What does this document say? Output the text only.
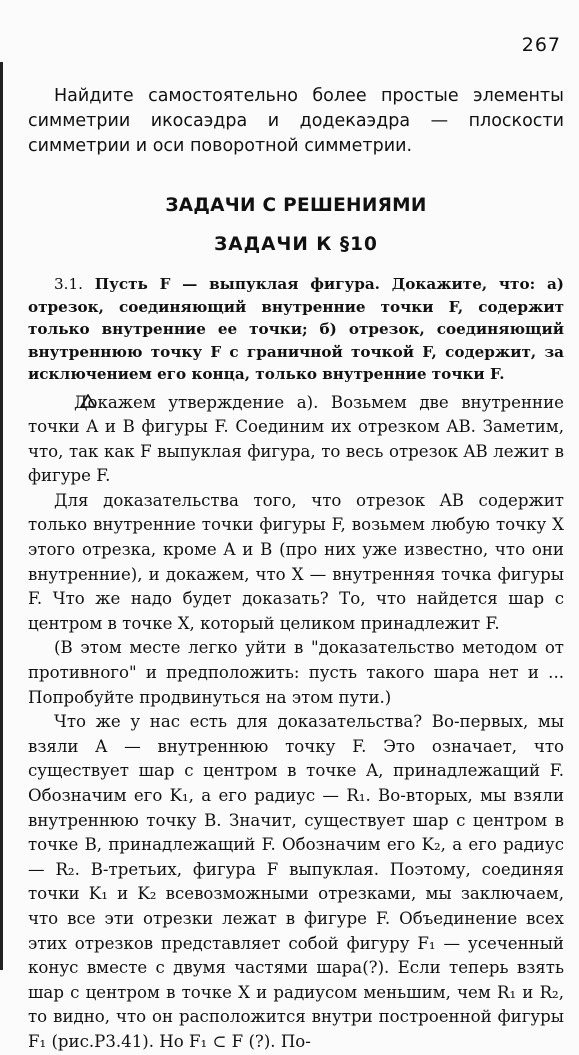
267

Найдите самостоятельно более простые элементы симметрии икосаэдра и додекаэдра — плоскости симметрии и оси поворотной симметрии.

ЗАДАЧИ С РЕШЕНИЯМИ
ЗАДАЧИ К §10

3.1. Пусть F — выпуклая фигура. Докажите, что: а) отрезок, соединяющий внутренние точки F, содержит только внутренние ее точки; б) отрезок, соединяющий внутреннюю точку F с граничной точкой F, содержит, за исключением его конца, только внутренние точки F.

Докажем утверждение а). Возьмем две внутренние точки A и B фигуры F. Соединим их отрезком AB. Заметим, что, так как F выпуклая фигура, то весь отрезок AB лежит в фигуре F.

Для доказательства того, что отрезок AB содержит только внутренние точки фигуры F, возьмем любую точку X этого отрезка, кроме A и B (про них уже известно, что они внутренние), и докажем, что X — внутренняя точка фигуры F. Что же надо будет доказать? То, что найдется шар с центром в точке X, который целиком принадлежит F.

(В этом месте легко уйти в "доказательство методом от противного" и предположить: пусть такого шара нет и ... Попробуйте продвинуться на этом пути.)

Что же у нас есть для доказательства? Во-первых, мы взяли A — внутреннюю точку F. Это означает, что существует шар с центром в точке A, принадлежащий F. Обозначим его K₁, а его радиус — R₁. Во-вторых, мы взяли внутреннюю точку B. Значит, существует шар с центром в точке B, принадлежащий F. Обозначим его K₂, а его радиус — R₂. В-третьих, фигура F выпуклая. Поэтому, соединяя точки K₁ и K₂ всевозможными отрезками, мы заключаем, что все эти отрезки лежат в фигуре F. Объединение всех этих отрезков представляет собой фигуру F₁ — усеченный конус вместе с двумя частями шара(?). Если теперь взять шар с центром в точке X и радиусом меньшим, чем R₁ и R₂, то видно, что он расположится внутри построенной фигуры F₁ (рис.Р3.41). Но F₁ ⊂ F (?). По-
